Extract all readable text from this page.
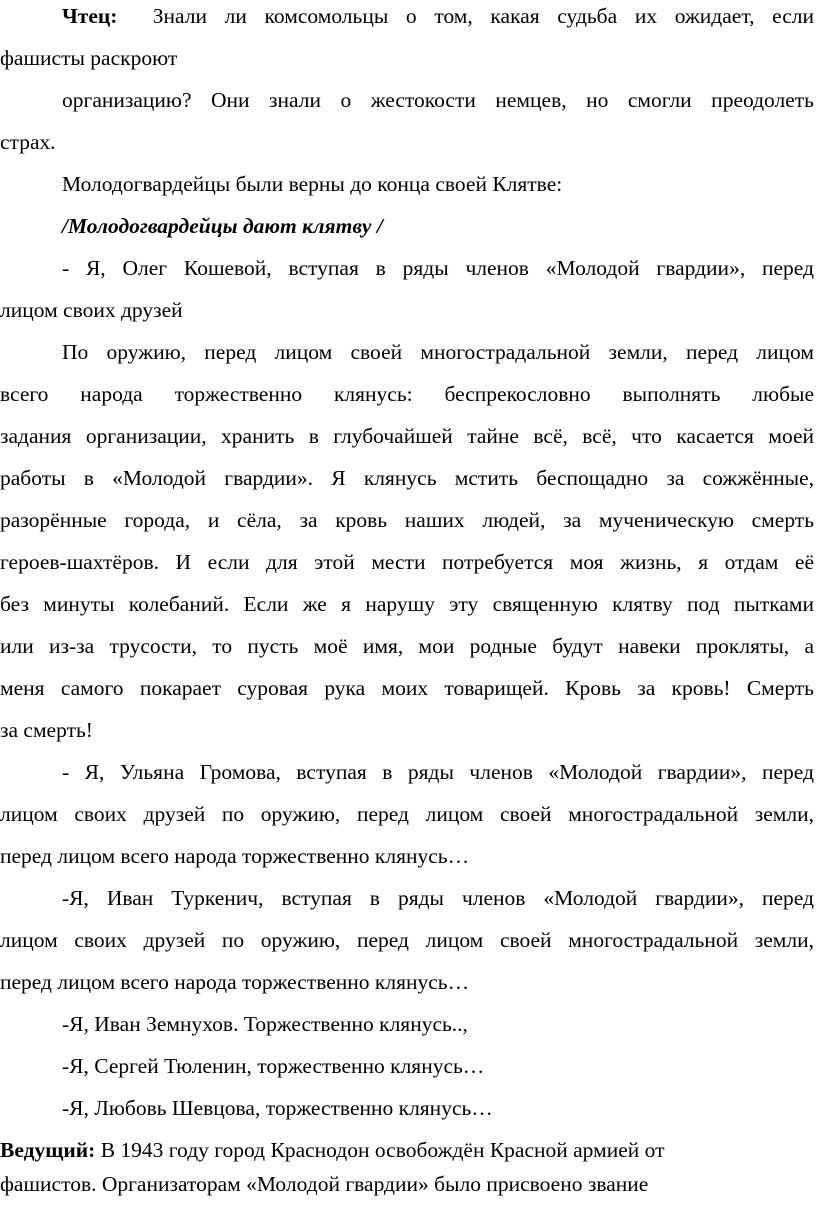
Чтец: Знали ли комсомольцы о том, какая судьба их ожидает, если
фашисты раскроют
организацию? Они знали о жестокости немцев, но смогли преодолеть
страх.
Молодогвардейцы были верны до конца своей Клятве:
/Молодогвардейцы дают клятву /
- Я, Олег Кошевой, вступая в ряды членов «Молодой гвардии», перед
лицом своих друзей
По оружию, перед лицом своей многострадальной земли, перед лицом
всего народа торжественно клянусь: беспрекословно выполнять любые
задания организации, хранить в глубочайшей тайне всё, всё, что касается моей
работы в «Молодой гвардии». Я клянусь мстить беспощадно за сожжённые,
разорённые города, и сёла, за кровь наших людей, за мученическую смерть
героев-шахтёров. И если для этой мести потребуется моя жизнь, я отдам её
без минуты колебаний. Если же я нарушу эту священную клятву под пытками
или из-за трусости, то пусть моё имя, мои родные будут навеки прокляты, а
меня самого покарает суровая рука моих товарищей. Кровь за кровь! Смерть
за смерть!
- Я, Ульяна Громова, вступая в ряды членов «Молодой гвардии», перед
лицом своих друзей по оружию, перед лицом своей многострадальной земли,
перед лицом всего народа торжественно клянусь…
-Я, Иван Туркенич, вступая в ряды членов «Молодой гвардии», перед
лицом своих друзей по оружию, перед лицом своей многострадальной земли,
перед лицом всего народа торжественно клянусь…
-Я, Иван Земнухов. Торжественно клянусь..,
-Я, Сергей Тюленин, торжественно клянусь…
-Я, Любовь Шевцова, торжественно клянусь…
Ведущий: В 1943 году город Краснодон освобождён Красной армией от
фашистов. Организаторам «Молодой гвардии» было присвоено звание
